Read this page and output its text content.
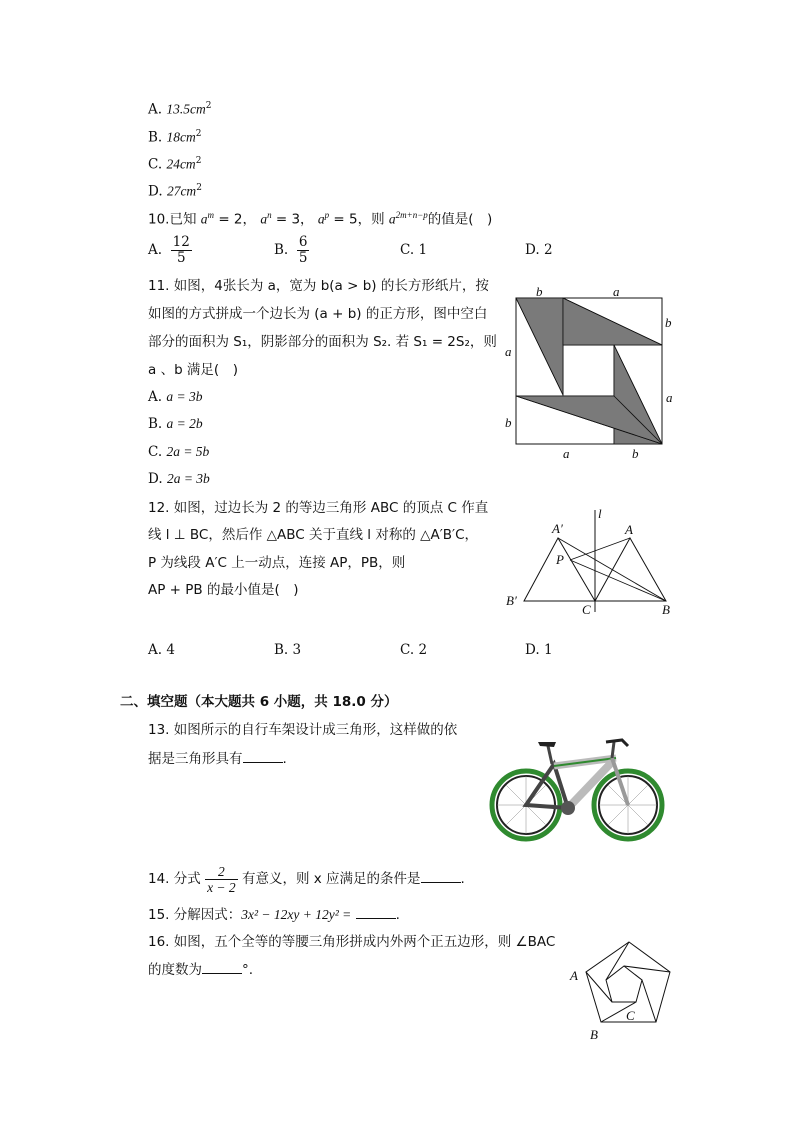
A. $13.5cm^2$
B. $18cm^2$
C. $24cm^2$
D. $27cm^2$
10.已知 $a^m = 2$， $a^n = 3$， $a^p = 5$，则 $a^{2m+n-p}$的值是(　)
A. $\frac{12}{5}$	B. $\frac{6}{5}$	C. 1	D. 2
11. 如图，4张长为 a，宽为 b(a > b) 的长方形纸片，按
如图的方式拼成一个边长为 (a + b) 的正方形，图中空白
部分的面积为 S₁，阴影部分的面积为 S₂. 若 S₁ = 2S₂，则
a 、b 满足(　)
A. a = 3b
B. a = 2b
C. 2a = 5b
D. 2a = 3b
b	a
b
a
a
b
a	b
12. 如图，过边长为 2 的等边三角形 ABC 的顶点 C 作直
线 l ⊥ BC，然后作 △ABC 关于直线 l 对称的 △A′B′C，
P 为线段 A′C 上一动点，连接 AP，PB，则
AP + PB 的最小值是(　)
A′
l
A
P
B′
C	B
A. 4	B. 3	C. 2	D. 1
二、填空题（本大题共 6 小题，共 18.0 分）
13. 如图所示的自行车架设计成三角形，这样做的依
据是三角形具有	.
14. 分式 $\frac{2}{x - 2}$ 有意义，则 x 应满足的条件是	.
15. 分解因式：3x² − 12xy + 12y² =	.
16. 如图，五个全等的等腰三角形拼成内外两个正五边形，则 ∠BAC
的度数为	°.	A
B
C
